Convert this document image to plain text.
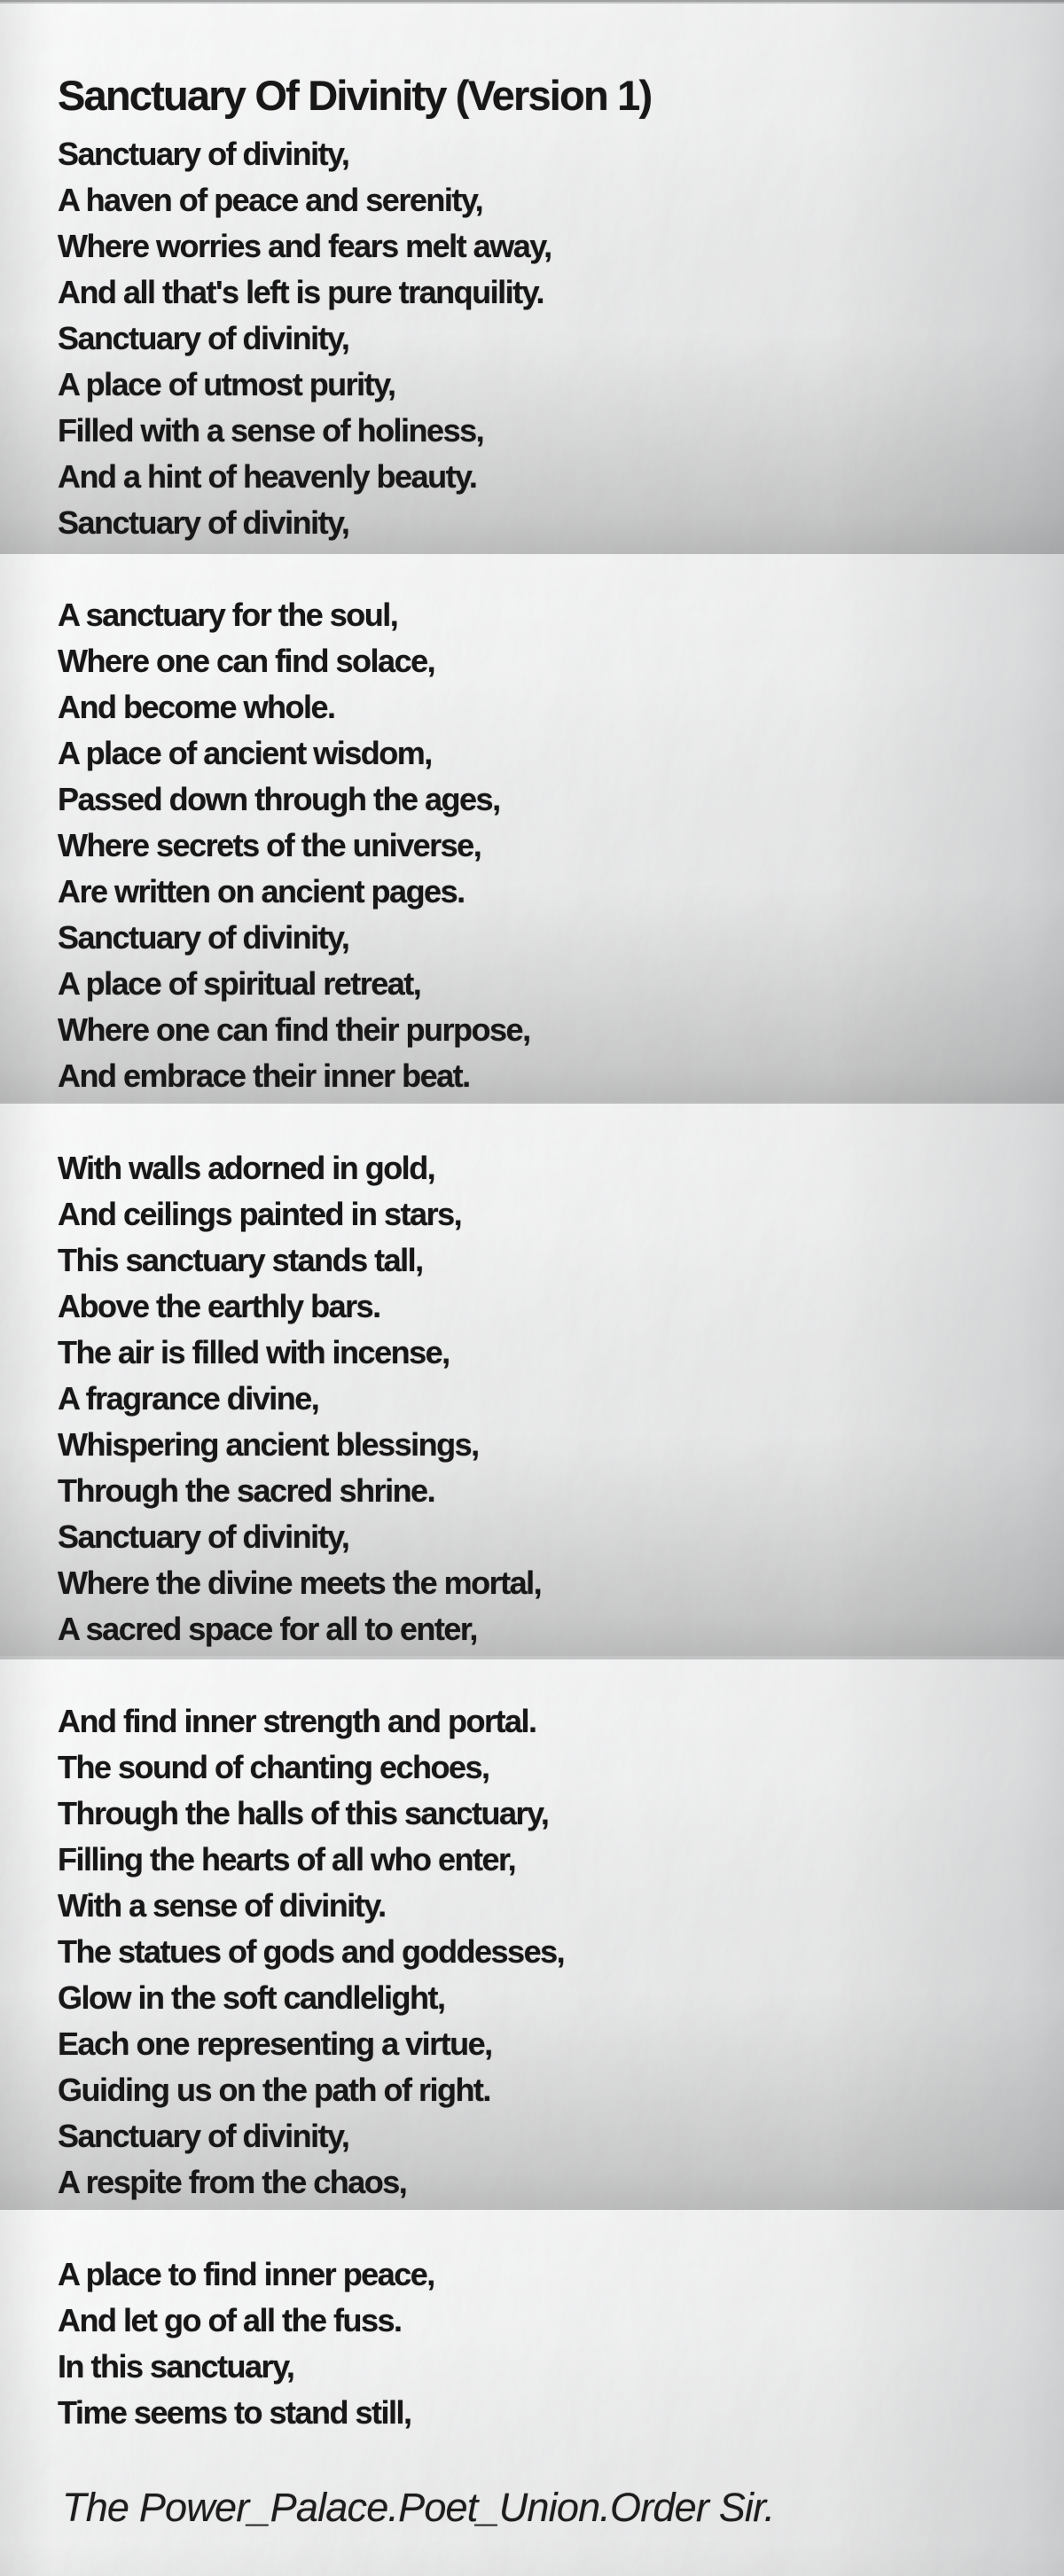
Sanctuary Of Divinity (Version 1)
Sanctuary of divinity,
A haven of peace and serenity,
Where worries and fears melt away,
And all that's left is pure tranquility.
Sanctuary of divinity,
A place of utmost purity,
Filled with a sense of holiness,
And a hint of heavenly beauty.
Sanctuary of divinity,
A sanctuary for the soul,
Where one can find solace,
And become whole.
A place of ancient wisdom,
Passed down through the ages,
Where secrets of the universe,
Are written on ancient pages.
Sanctuary of divinity,
A place of spiritual retreat,
Where one can find their purpose,
And embrace their inner beat.
With walls adorned in gold,
And ceilings painted in stars,
This sanctuary stands tall,
Above the earthly bars.
The air is filled with incense,
A fragrance divine,
Whispering ancient blessings,
Through the sacred shrine.
Sanctuary of divinity,
Where the divine meets the mortal,
A sacred space for all to enter,
And find inner strength and portal.
The sound of chanting echoes,
Through the halls of this sanctuary,
Filling the hearts of all who enter,
With a sense of divinity.
The statues of gods and goddesses,
Glow in the soft candlelight,
Each one representing a virtue,
Guiding us on the path of right.
Sanctuary of divinity,
A respite from the chaos,
A place to find inner peace,
And let go of all the fuss.
In this sanctuary,
Time seems to stand still,
The Power_Palace.Poet_Union.Order Sir.
